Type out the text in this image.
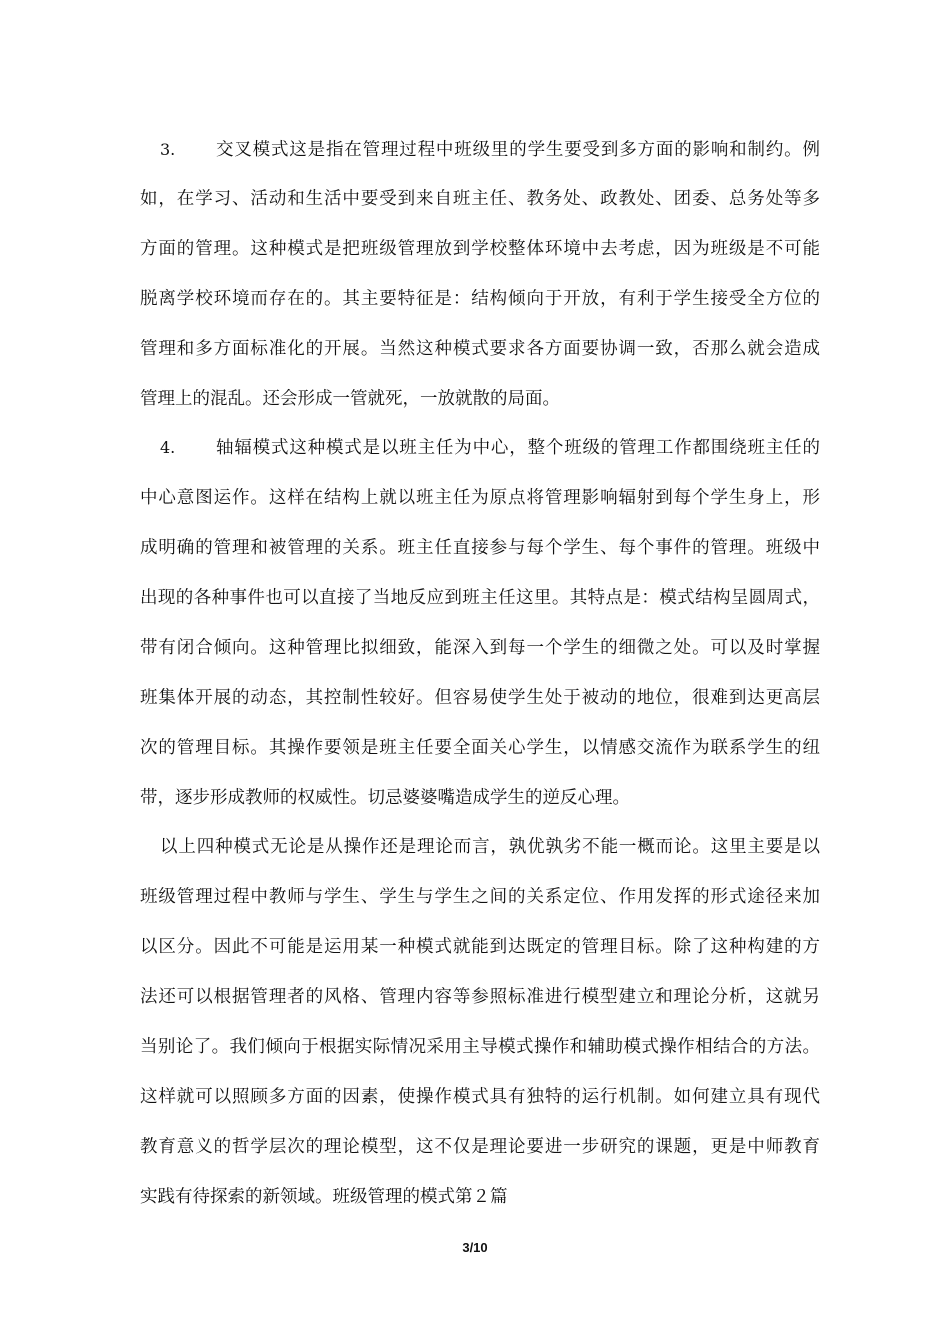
3. 交叉模式这是指在管理过程中班级里的学生要受到多方面的影响和制约。例
如，在学习、活动和生活中要受到来自班主任、教务处、政教处、团委、总务处等多
方面的管理。这种模式是把班级管理放到学校整体环境中去考虑，因为班级是不可能
脱离学校环境而存在的。其主要特征是：结构倾向于开放，有利于学生接受全方位的
管理和多方面标准化的开展。当然这种模式要求各方面要协调一致，否那么就会造成
管理上的混乱。还会形成一管就死，一放就散的局面。
4. 轴辐模式这种模式是以班主任为中心，整个班级的管理工作都围绕班主任的
中心意图运作。这样在结构上就以班主任为原点将管理影响辐射到每个学生身上，形
成明确的管理和被管理的关系。班主任直接参与每个学生、每个事件的管理。班级中
出现的各种事件也可以直接了当地反应到班主任这里。其特点是：模式结构呈圆周式，
带有闭合倾向。这种管理比拟细致，能深入到每一个学生的细微之处。可以及时掌握
班集体开展的动态，其控制性较好。但容易使学生处于被动的地位，很难到达更高层
次的管理目标。其操作要领是班主任要全面关心学生，以情感交流作为联系学生的纽
带，逐步形成教师的权威性。切忌婆婆嘴造成学生的逆反心理。
以上四种模式无论是从操作还是理论而言，孰优孰劣不能一概而论。这里主要是以
班级管理过程中教师与学生、学生与学生之间的关系定位、作用发挥的形式途径来加
以区分。因此不可能是运用某一种模式就能到达既定的管理目标。除了这种构建的方
法还可以根据管理者的风格、管理内容等参照标准进行模型建立和理论分析，这就另
当别论了。我们倾向于根据实际情况采用主导模式操作和辅助模式操作相结合的方法。
这样就可以照顾多方面的因素，使操作模式具有独特的运行机制。如何建立具有现代
教育意义的哲学层次的理论模型，这不仅是理论要进一步研究的课题，更是中师教育
实践有待探索的新领域。班级管理的模式第２篇
3/10
